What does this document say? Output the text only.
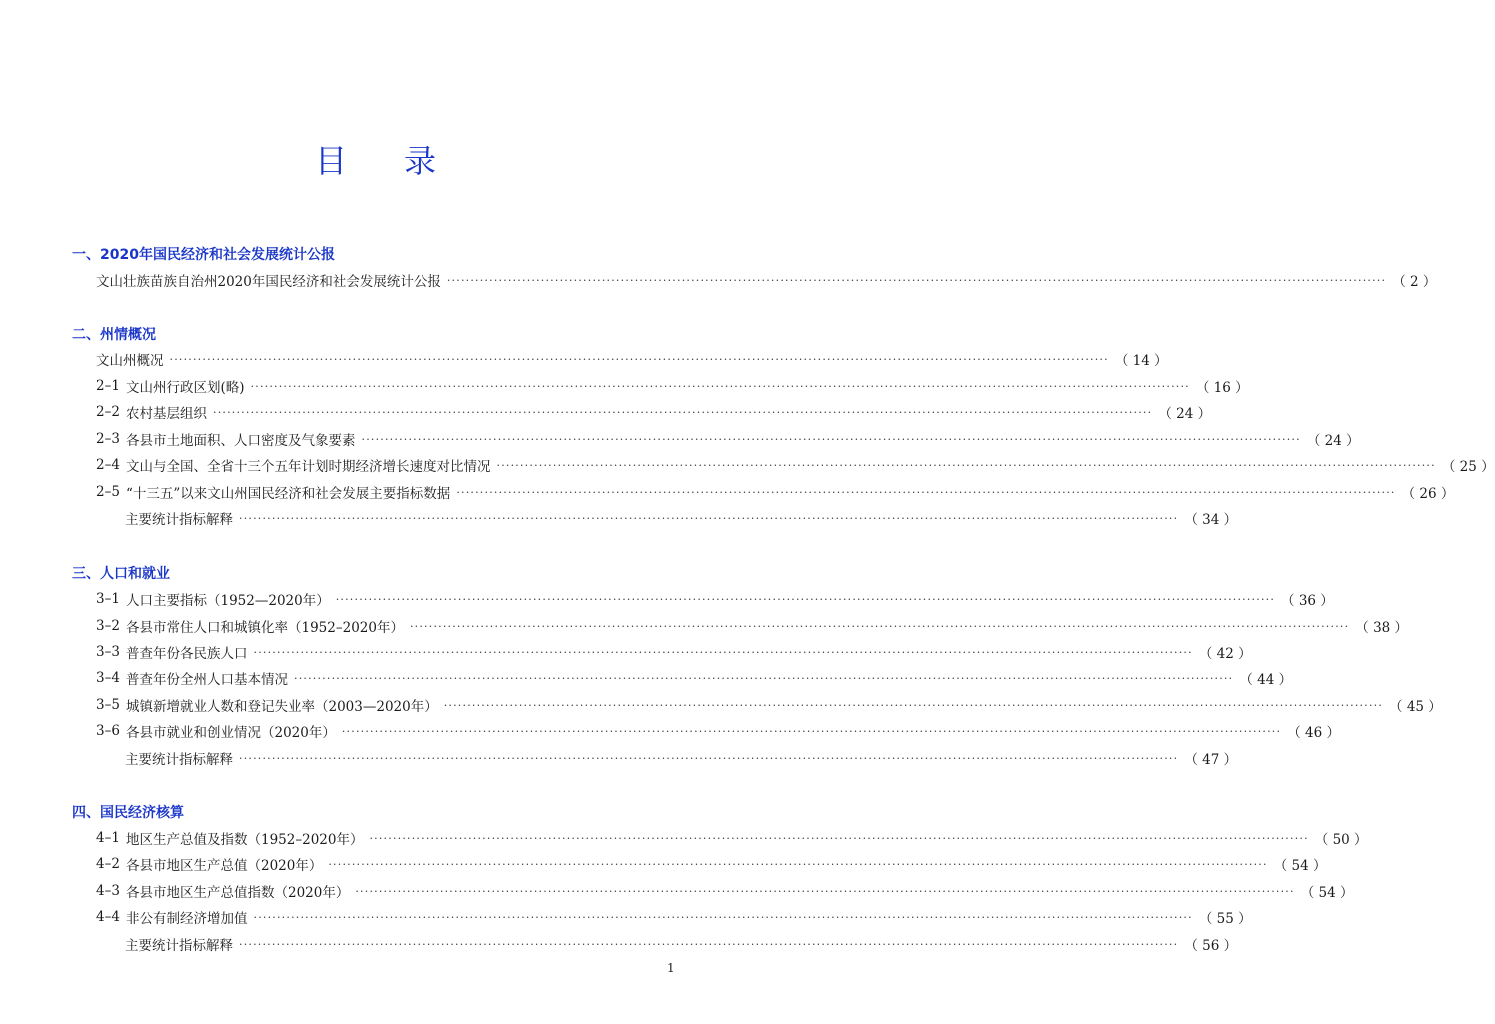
目 录
一、2020年国民经济和社会发展统计公报
文山壮族苗族自治州2020年国民经济和社会发展统计公报 ········································································································································································································ （ 2 ）
二、州情概况
文山州概况 ········································································································································································································ （ 14 ）
2–1 文山州行政区划(略) ········································································································································································································ （ 16 ）
2–2 农村基层组织 ········································································································································································································ （ 24 ）
2–3 各县市土地面积、人口密度及气象要素 ········································································································································································································ （ 24 ）
2–4 文山与全国、全省十三个五年计划时期经济增长速度对比情况 ········································································································································································································ （ 25 ）
2–5 “十三五”以来文山州国民经济和社会发展主要指标数据 ········································································································································································································ （ 26 ）
主要统计指标解释 ········································································································································································································ （ 34 ）
三、人口和就业
3–1 人口主要指标（1952—2020年） ········································································································································································································ （ 36 ）
3–2 各县市常住人口和城镇化率（1952–2020年） ········································································································································································································ （ 38 ）
3–3 普查年份各民族人口 ········································································································································································································ （ 42 ）
3–4 普查年份全州人口基本情况 ········································································································································································································ （ 44 ）
3–5 城镇新增就业人数和登记失业率（2003—2020年） ········································································································································································································ （ 45 ）
3–6 各县市就业和创业情况（2020年） ········································································································································································································ （ 46 ）
主要统计指标解释 ········································································································································································································ （ 47 ）
四、国民经济核算
4–1 地区生产总值及指数（1952–2020年） ········································································································································································································ （ 50 ）
4–2 各县市地区生产总值（2020年） ········································································································································································································ （ 54 ）
4–3 各县市地区生产总值指数（2020年） ········································································································································································································ （ 54 ）
4–4 非公有制经济增加值 ········································································································································································································ （ 55 ）
主要统计指标解释 ········································································································································································································ （ 56 ）
1
